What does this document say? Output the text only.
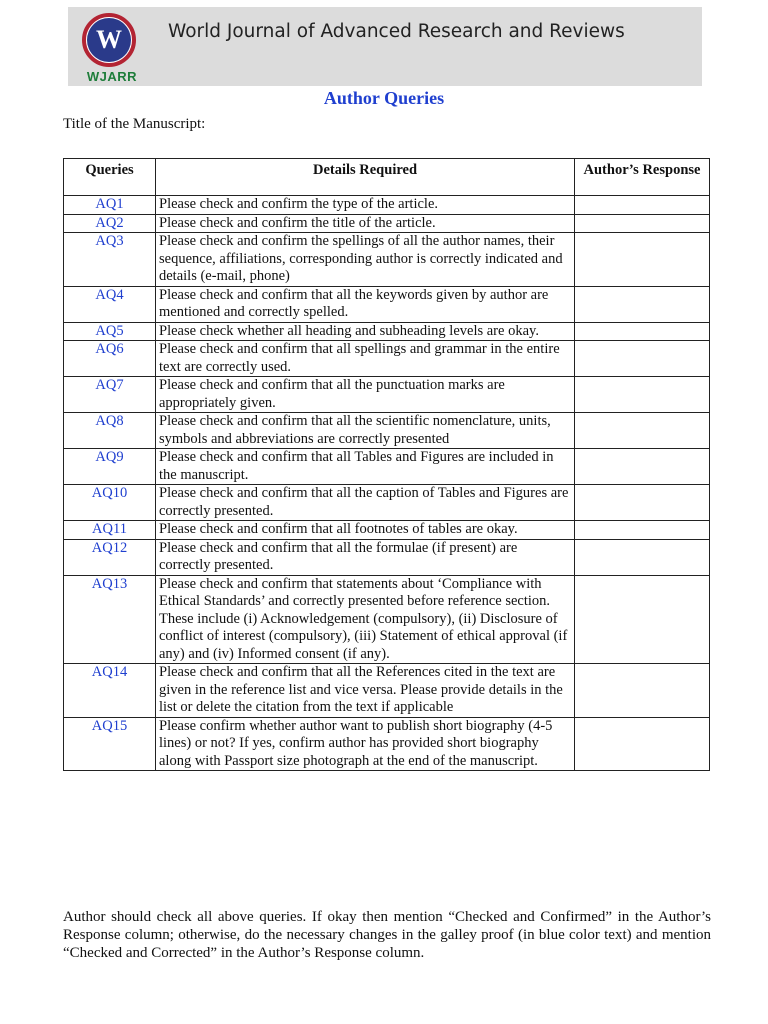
W
WJARR
World Journal of Advanced Research and Reviews
Author Queries
Title of the Manuscript:
Queries	Details Required	Author’s Response
AQ1	Please check and confirm the type of the article.	
AQ2	Please check and confirm the title of the article.	
AQ3	Please check and confirm the spellings of all the author names, their sequence, affiliations, corresponding author is correctly indicated and details (e-mail, phone)	
AQ4	Please check and confirm that all the keywords given by author are mentioned and correctly spelled.	
AQ5	Please check whether all heading and subheading levels are okay.	
AQ6	Please check and confirm that all spellings and grammar in the entire text are correctly used.	
AQ7	Please check and confirm that all the punctuation marks are appropriately given.	
AQ8	Please check and confirm that all the scientific nomenclature, units, symbols and abbreviations are correctly presented	
AQ9	Please check and confirm that all Tables and Figures are included in the manuscript.	
AQ10	Please check and confirm that all the caption of Tables and Figures are correctly presented.	
AQ11	Please check and confirm that all footnotes of tables are okay.	
AQ12	Please check and confirm that all the formulae (if present) are correctly presented.	
AQ13	Please check and confirm that statements about ‘Compliance with Ethical Standards’ and correctly presented before reference section. These include (i) Acknowledgement (compulsory), (ii) Disclosure of conflict of interest (compulsory), (iii) Statement of ethical approval (if any) and (iv) Informed consent (if any).	
AQ14	Please check and confirm that all the References cited in the text are given in the reference list and vice versa. Please provide details in the list or delete the citation from the text if applicable	
AQ15	Please confirm whether author want to publish short biography (4-5 lines) or not? If yes, confirm author has provided short biography along with Passport size photograph at the end of the manuscript.	
Author should check all above queries. If okay then mention “Checked and Confirmed” in the Author’s Response column; otherwise, do the necessary changes in the galley proof (in blue color text) and mention “Checked and Corrected” in the Author’s Response column.
